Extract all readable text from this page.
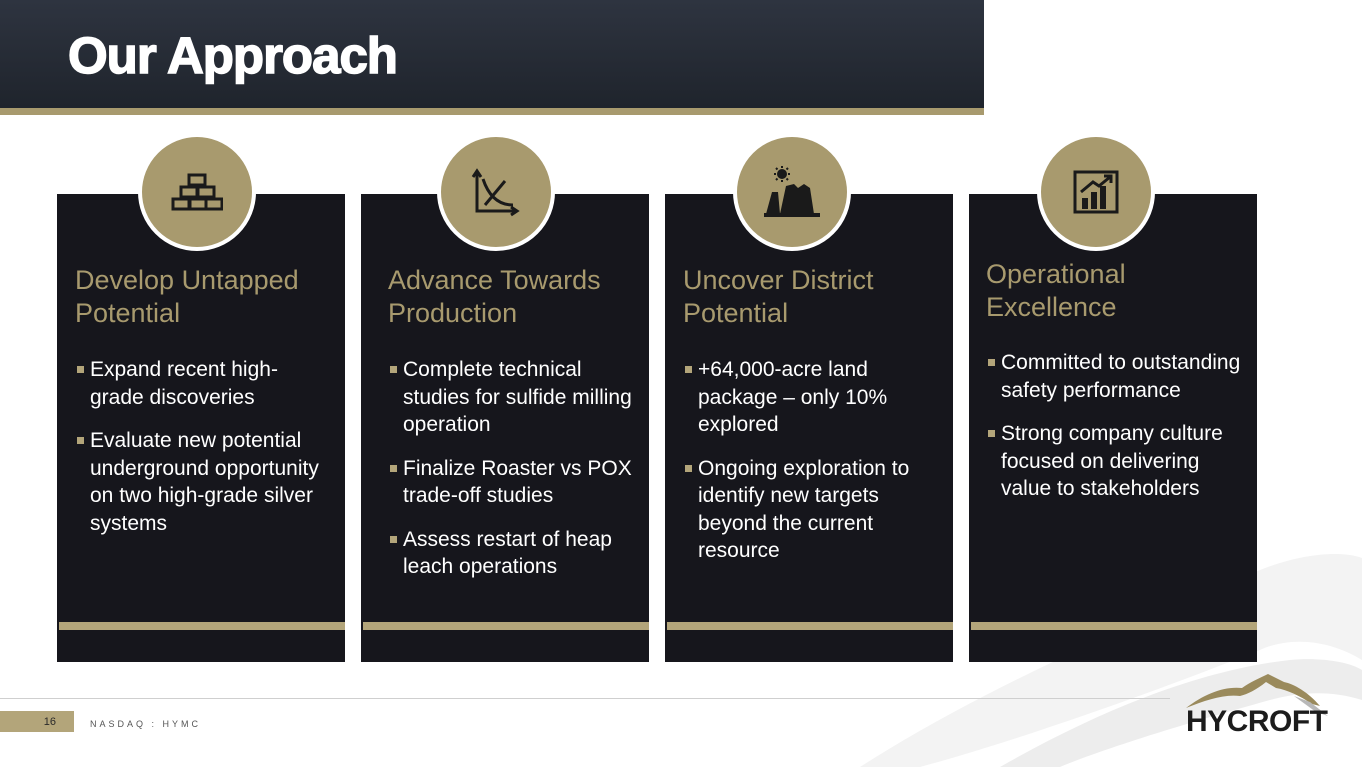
Our Approach
Develop Untapped Potential
Expand recent high-grade discoveries
Evaluate new potential underground opportunity on two high-grade silver systems
Advance Towards Production
Complete technical studies for sulfide milling operation
Finalize Roaster vs POX trade-off studies
Assess restart of heap leach operations
Uncover District Potential
+64,000-acre land package – only 10% explored
Ongoing exploration to identify new targets beyond the current resource
Operational Excellence
Committed to outstanding safety performance
Strong company culture focused on delivering value to stakeholders
16	NASDAQ : HYMC	HYCROFT
